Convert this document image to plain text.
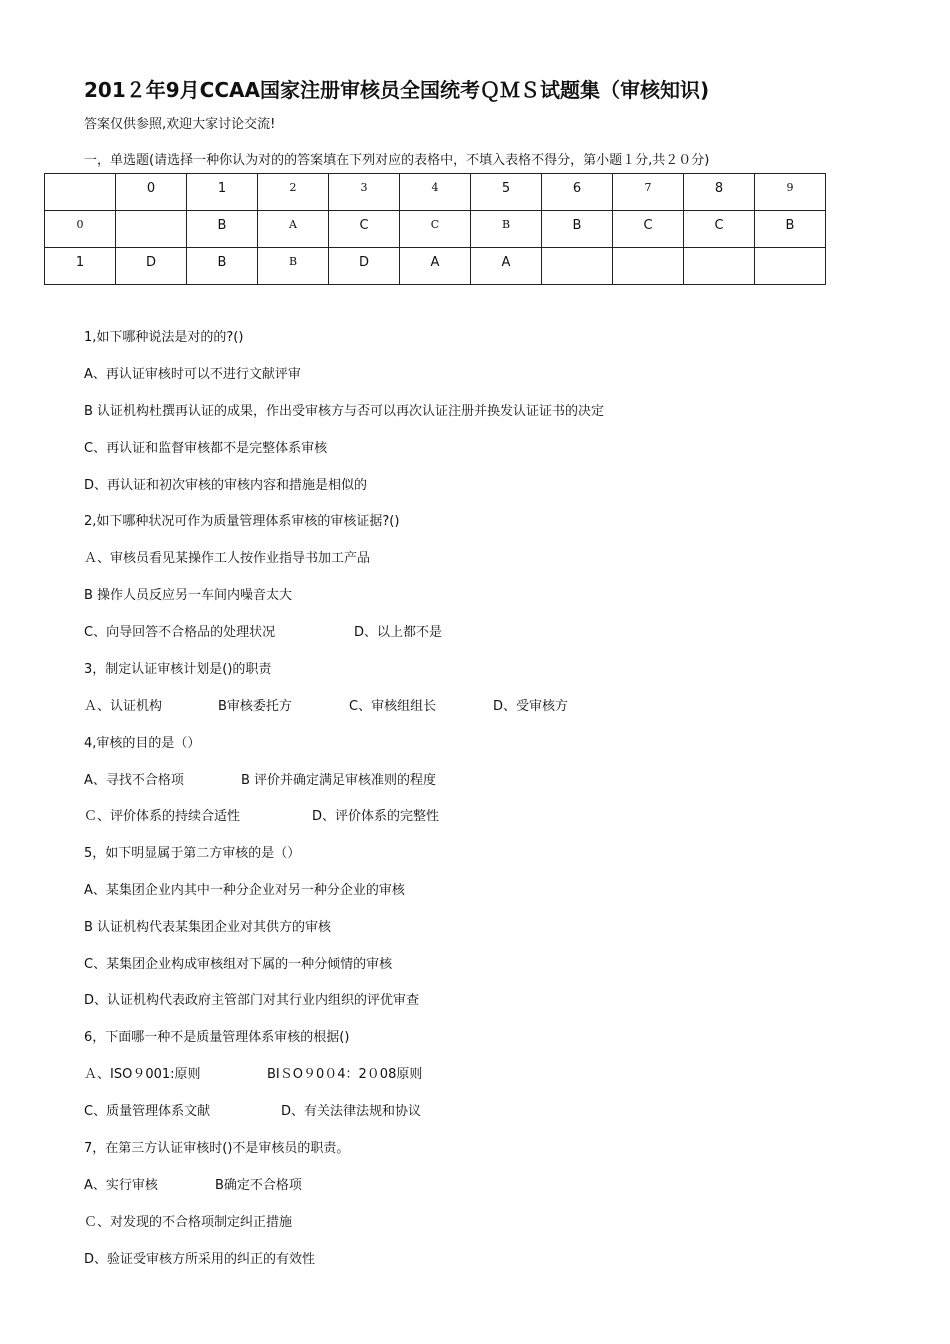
201２年9月CCAA国家注册审核员全国统考ＱＭＳ试题集（审核知识)
答案仅供参照,欢迎大家讨论交流!
一，单选题(请选择一种你认为对的的答案填在下列对应的表格中，不填入表格不得分，第小题１分,共２０分)

	0	1	2	3	4	5	6	7	8	9

0		B	A	C	C	B	B	C	C	B

1	D	B	B	D	A	A				

1,如下哪种说法是对的的?()
A、再认证审核时可以不进行文献评审
B 认证机构杜撰再认证的成果，作出受审核方与否可以再次认证注册并换发认证证书的决定
C、再认证和监督审核都不是完整体系审核
D、再认证和初次审核的审核内容和措施是相似的
2,如下哪种状况可作为质量管理体系审核的审核证据?()
Ａ、审核员看见某操作工人按作业指导书加工产品
B 操作人员反应另一车间内噪音太大
C、向导回答不合格品的处理状况	D、以上都不是
3，制定认证审核计划是()的职责
Ａ、认证机构	B审核委托方	C、审核组组长	D、受审核方
4,审核的目的是（）
A、寻找不合格项	B 评价并确定满足审核准则的程度
Ｃ、评价体系的持续合适性	D、评价体系的完整性
5，如下明显属于第二方审核的是（）
A、某集团企业内其中一种分企业对另一种分企业的审核
B 认证机构代表某集团企业对其供方的审核
C、某集团企业构成审核组对下属的一种分倾情的审核
D、认证机构代表政府主管部门对其行业内组织的评优审查
6，下面哪一种不是质量管理体系审核的根据()
Ａ、ISO９001:原则	BIＳO９0０4：2０08原则
C、质量管理体系文献	D、有关法律法规和协议
7，在第三方认证审核时()不是审核员的职责。
A、实行审核	B确定不合格项
Ｃ、对发现的不合格项制定纠正措施
D、验证受审核方所采用的纠正的有效性
